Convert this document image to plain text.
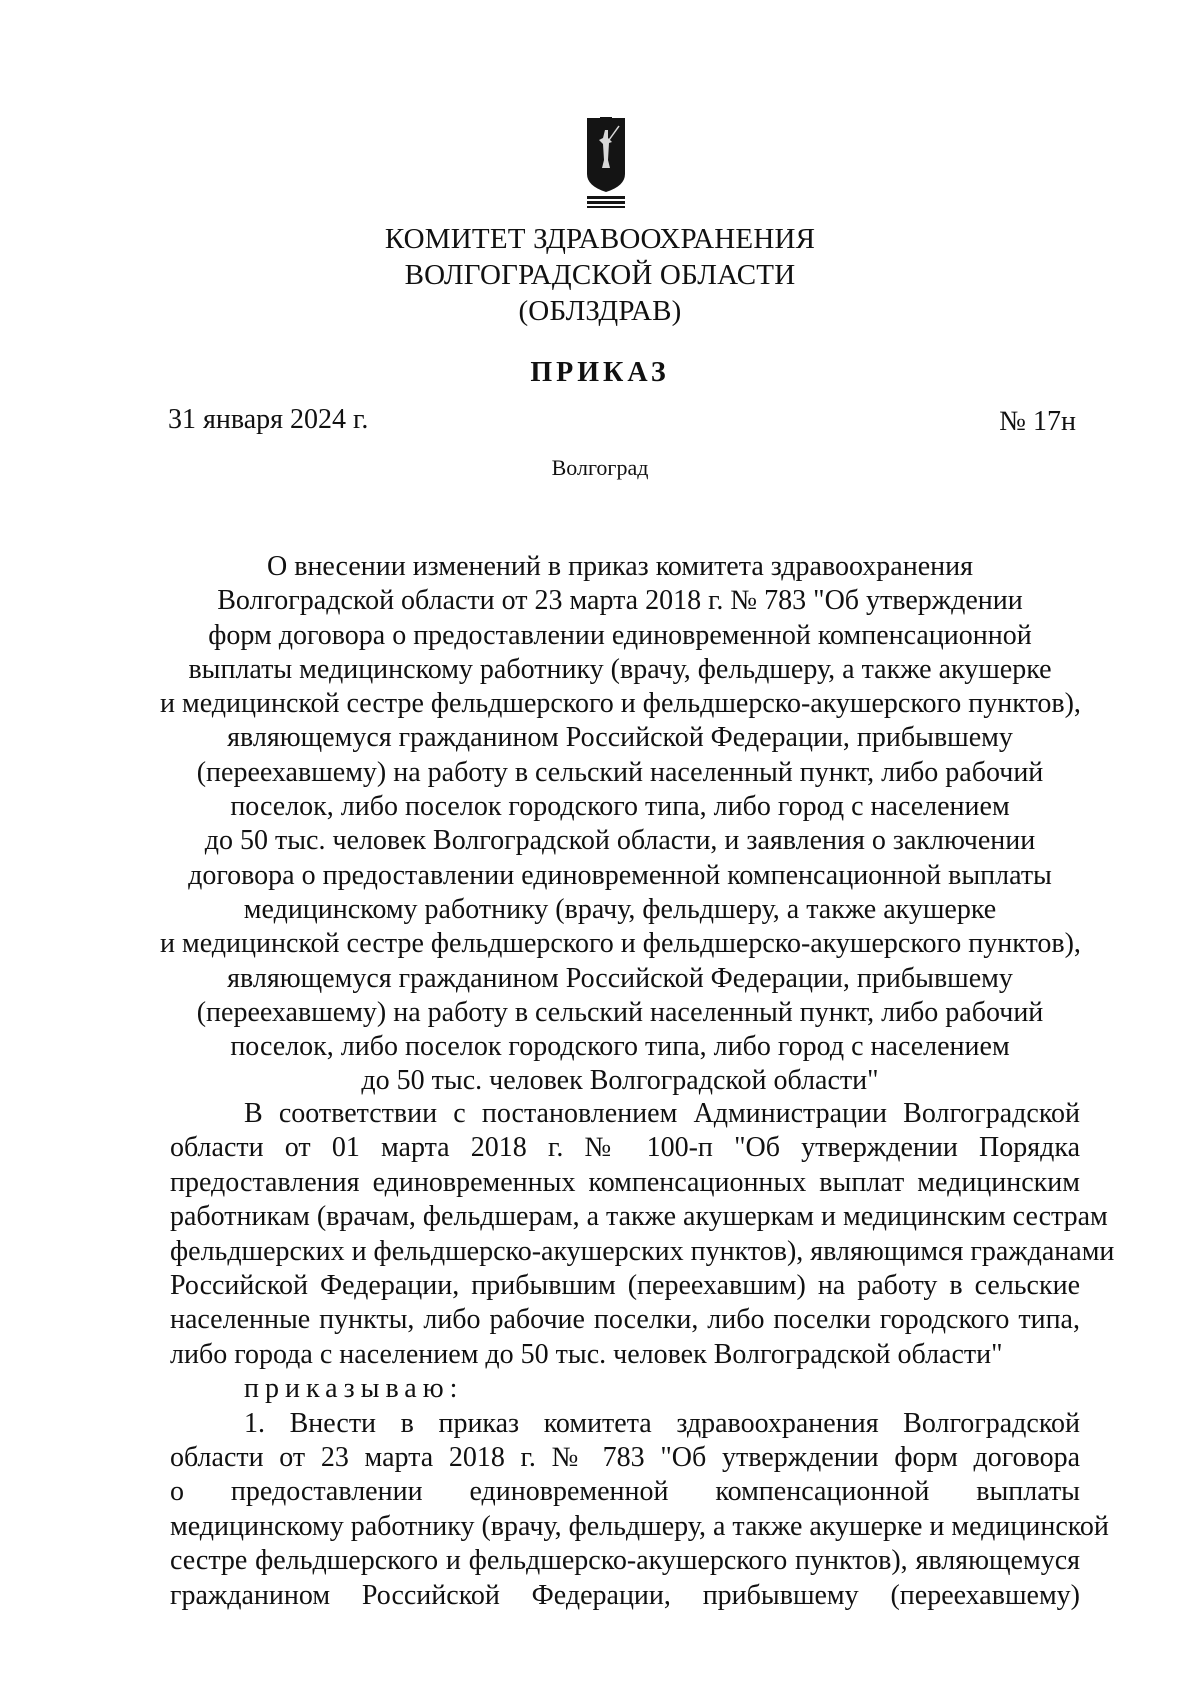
КОМИТЕТ ЗДРАВООХРАНЕНИЯ
ВОЛГОГРАДСКОЙ ОБЛАСТИ
(ОБЛЗДРАВ)
ПРИКАЗ
31 января 2024 г.	№ 17н
Волгоград
О внесении изменений в приказ комитета здравоохранения
Волгоградской области от 23 марта 2018 г. № 783 "Об утверждении
форм договора о предоставлении единовременной компенсационной
выплаты медицинскому работнику (врачу, фельдшеру, а также акушерке
и медицинской сестре фельдшерского и фельдшерско-акушерского пунктов),
являющемуся гражданином Российской Федерации, прибывшему
(переехавшему) на работу в сельский населенный пункт, либо рабочий
поселок, либо поселок городского типа, либо город с населением
до 50 тыс. человек Волгоградской области, и заявления о заключении
договора о предоставлении единовременной компенсационной выплаты
медицинскому работнику (врачу, фельдшеру, а также акушерке
и медицинской сестре фельдшерского и фельдшерско-акушерского пунктов),
являющемуся гражданином Российской Федерации, прибывшему
(переехавшему) на работу в сельский населенный пункт, либо рабочий
поселок, либо поселок городского типа, либо город с населением
до 50 тыс. человек Волгоградской области"
В соответствии с постановлением Администрации Волгоградской
области от 01 марта 2018 г. № 100-п "Об утверждении Порядка
предоставления единовременных компенсационных выплат медицинским
работникам (врачам, фельдшерам, а также акушеркам и медицинским сестрам
фельдшерских и фельдшерско-акушерских пунктов), являющимся гражданами
Российской Федерации, прибывшим (переехавшим) на работу в сельские
населенные пункты, либо рабочие поселки, либо поселки городского типа,
либо города с населением до 50 тыс. человек Волгоградской области"
приказываю:
1. Внести в приказ комитета здравоохранения Волгоградской
области от 23 марта 2018 г. № 783 "Об утверждении форм договора
о предоставлении единовременной компенсационной выплаты
медицинскому работнику (врачу, фельдшеру, а также акушерке и медицинской
сестре фельдшерского и фельдшерско-акушерского пунктов), являющемуся
гражданином Российской Федерации, прибывшему (переехавшему)
